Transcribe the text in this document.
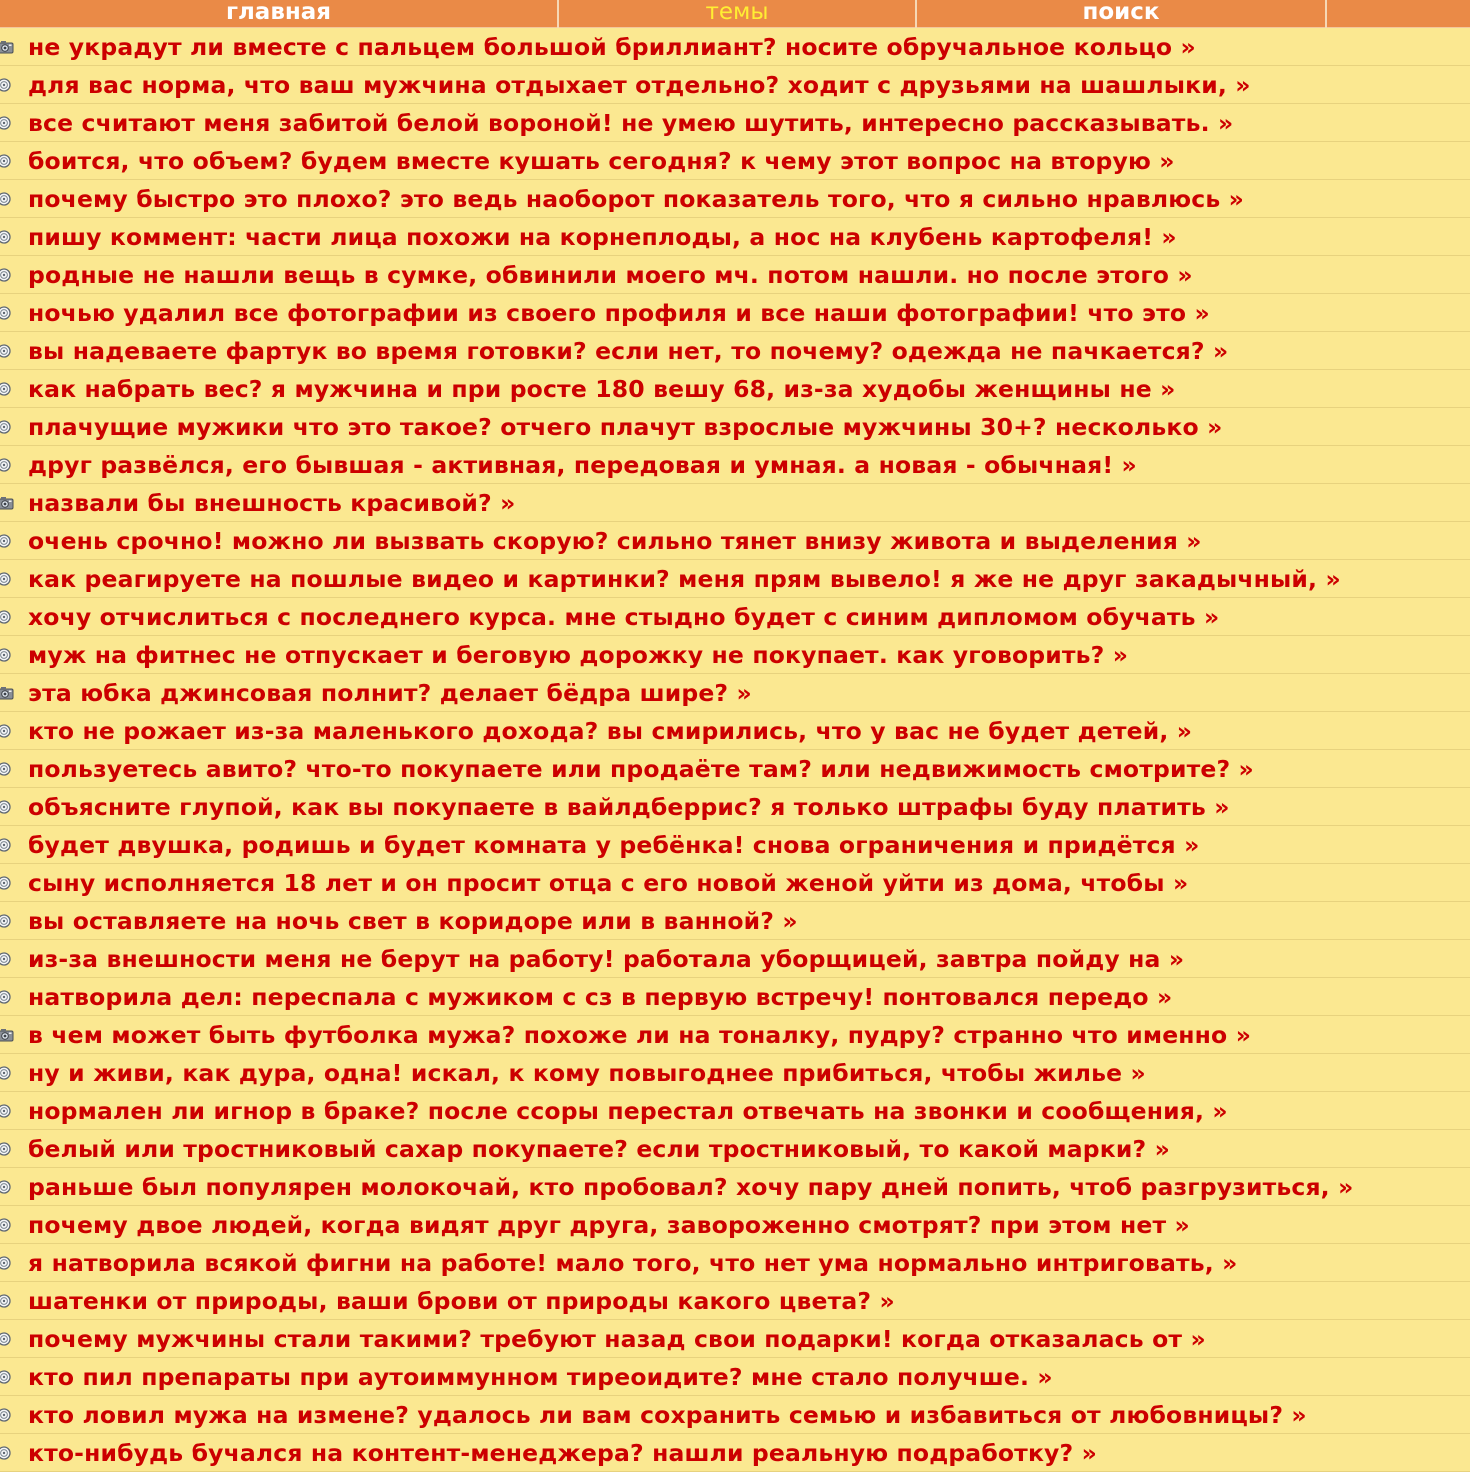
главная	темы	поиск
не украдут ли вместе с пальцем большой бриллиант? носите обручальное кольцо »
для вас норма, что ваш мужчина отдыхает отдельно? ходит с друзьями на шашлыки, »
все считают меня забитой белой вороной! не умею шутить, интересно рассказывать. »
боится, что объем? будем вместе кушать сегодня? к чему этот вопрос на вторую »
почему быстро это плохо? это ведь наоборот показатель того, что я сильно нравлюсь »
пишу коммент: части лица похожи на корнеплоды, а нос на клубень картофеля! »
родные не нашли вещь в сумке, обвинили моего мч. потом нашли. но после этого »
ночью удалил все фотографии из своего профиля и все наши фотографии! что это »
вы надеваете фартук во время готовки? если нет, то почему? одежда не пачкается? »
как набрать вес? я мужчина и при росте 180 вешу 68, из-за худобы женщины не »
плачущие мужики что это такое? отчего плачут взрослые мужчины 30+? несколько »
друг развёлся, его бывшая - активная, передовая и умная. а новая - обычная! »
назвали бы внешность красивой? »
очень срочно! можно ли вызвать скорую? сильно тянет внизу живота и выделения »
как реагируете на пошлые видео и картинки? меня прям вывело! я же не друг закадычный, »
хочу отчислиться с последнего курса. мне стыдно будет с синим дипломом обучать »
муж на фитнес не отпускает и беговую дорожку не покупает. как уговорить? »
эта юбка джинсовая полнит? делает бёдра шире? »
кто не рожает из-за маленького дохода? вы смирились, что у вас не будет детей, »
пользуетесь авито? что-то покупаете или продаёте там? или недвижимость смотрите? »
объясните глупой, как вы покупаете в вайлдберрис? я только штрафы буду платить »
будет двушка, родишь и будет комната у ребёнка! снова ограничения и придётся »
сыну исполняется 18 лет и он просит отца с его новой женой уйти из дома, чтобы »
вы оставляете на ночь свет в коридоре или в ванной? »
из-за внешности меня не берут на работу! работала уборщицей, завтра пойду на »
натворила дел: переспала с мужиком с сз в первую встречу! понтовался передо »
в чем может быть футболка мужа? похоже ли на тоналку, пудру? странно что именно »
ну и живи, как дура, одна! искал, к кому повыгоднее прибиться, чтобы жилье »
нормален ли игнор в браке? после ссоры перестал отвечать на звонки и сообщения, »
белый или тростниковый сахар покупаете? если тростниковый, то какой марки? »
раньше был популярен молокочай, кто пробовал? хочу пару дней попить, чтоб разгрузиться, »
почему двое людей, когда видят друг друга, завороженно смотрят? при этом нет »
я натворила всякой фигни на работе! мало того, что нет ума нормально интриговать, »
шатенки от природы, ваши брови от природы какого цвета? »
почему мужчины стали такими? требуют назад свои подарки! когда отказалась от »
кто пил препараты при аутоиммунном тиреоидите? мне стало получше. »
кто ловил мужа на измене? удалось ли вам сохранить семью и избавиться от любовницы? »
кто-нибудь бучался на контент-менеджера? нашли реальную подработку? »
